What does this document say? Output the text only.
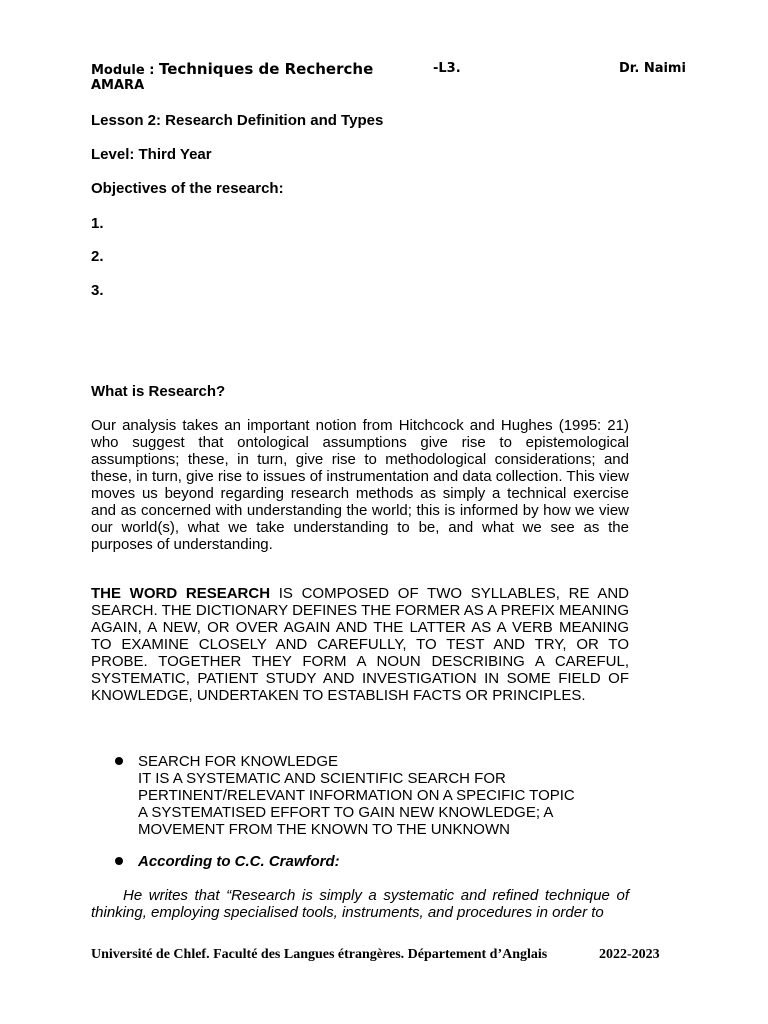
Module : Techniques de Recherche	-L3.	Dr. Naimi
AMARA
Lesson 2: Research Definition and Types
Level: Third Year
Objectives of the research:
1.
2.
3.
What is Research?
Our analysis takes an important notion from Hitchcock and Hughes (1995: 21) who suggest that ontological assumptions give rise to epistemological assumptions; these, in turn, give rise to methodological considerations; and these, in turn, give rise to issues of instrumentation and data collection. This view moves us beyond regarding research methods as simply a technical exercise and as concerned with understanding the world; this is informed by how we view our world(s), what we take understanding to be, and what we see as the purposes of understanding.
THE WORD RESEARCH IS COMPOSED OF TWO SYLLABLES, RE AND SEARCH. THE DICTIONARY DEFINES THE FORMER AS A PREFIX MEANING AGAIN, A NEW, OR OVER AGAIN AND THE LATTER AS A VERB MEANING TO EXAMINE CLOSELY AND CAREFULLY, TO TEST AND TRY, OR TO PROBE. TOGETHER THEY FORM A NOUN DESCRIBING A CAREFUL, SYSTEMATIC, PATIENT STUDY AND INVESTIGATION IN SOME FIELD OF KNOWLEDGE, UNDERTAKEN TO ESTABLISH FACTS OR PRINCIPLES.
SEARCH FOR KNOWLEDGE
IT IS A SYSTEMATIC AND SCIENTIFIC SEARCH FOR
PERTINENT/RELEVANT INFORMATION ON A SPECIFIC TOPIC
A SYSTEMATISED EFFORT TO GAIN NEW KNOWLEDGE; A
MOVEMENT FROM THE KNOWN TO THE UNKNOWN
According to C.C. Crawford:
He writes that “Research is simply a systematic and refined technique of thinking, employing specialised tools, instruments, and procedures in order to
Université de Chlef. Faculté des Langues étrangères. Département d’Anglais	2022-2023
